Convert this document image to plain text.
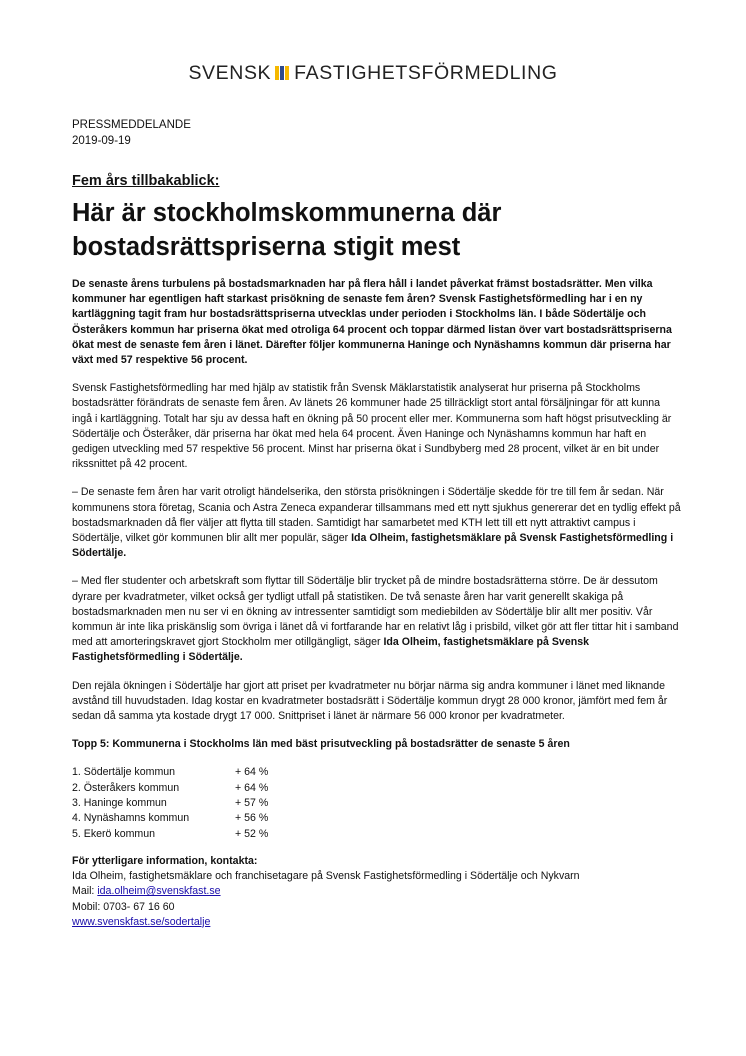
SVENSK FASTIGHETSFÖRMEDLING
PRESSMEDDELANDE
2019-09-19
Fem års tillbakablick:
Här är stockholmskommunerna där bostadsrättspriserna stigit mest

De senaste årens turbulens på bostadsmarknaden har på flera håll i landet påverkat främst bostadsrätter. Men vilka kommuner har egentligen haft starkast prisökning de senaste fem åren? Svensk Fastighetsförmedling har i en ny kartläggning tagit fram hur bostadsrättspriserna utvecklas under perioden i Stockholms län. I både Södertälje och Österåkers kommun har priserna ökat med otroliga 64 procent och toppar därmed listan över vart bostadsrättspriserna ökat mest de senaste fem åren i länet. Därefter följer kommunerna Haninge och Nynäshamns kommun där priserna har växt med 57 respektive 56 procent.

Svensk Fastighetsförmedling har med hjälp av statistik från Svensk Mäklarstatistik analyserat hur priserna på Stockholms bostadsrätter förändrats de senaste fem åren. Av länets 26 kommuner hade 25 tillräckligt stort antal försäljningar för att kunna ingå i kartläggning. Totalt har sju av dessa haft en ökning på 50 procent eller mer. Kommunerna som haft högst prisutveckling är Södertälje och Österåker, där priserna har ökat med hela 64 procent. Även Haninge och Nynäshamns kommun har haft en gedigen utveckling med 57 respektive 56 procent. Minst har priserna ökat i Sundbyberg med 28 procent, vilket är en bit under rikssnittet på 42 procent.

– De senaste fem åren har varit otroligt händelserika, den största prisökningen i Södertälje skedde för tre till fem år sedan. När kommunens stora företag, Scania och Astra Zeneca expanderar tillsammans med ett nytt sjukhus genererar det en tydlig effekt på bostadsmarknaden då fler väljer att flytta till staden. Samtidigt har samarbetet med KTH lett till ett nytt attraktivt campus i Södertälje, vilket gör kommunen blir allt mer populär, säger Ida Olheim, fastighetsmäklare på Svensk Fastighetsförmedling i Södertälje.

– Med fler studenter och arbetskraft som flyttar till Södertälje blir trycket på de mindre bostadsrätterna större. De är dessutom dyrare per kvadratmeter, vilket också ger tydligt utfall på statistiken. De två senaste åren har varit generellt skakiga på bostadsmarknaden men nu ser vi en ökning av intressenter samtidigt som mediebilden av Södertälje blir allt mer positiv. Vår kommun är inte lika priskänslig som övriga i länet då vi fortfarande har en relativt låg i prisbild, vilket gör att fler tittar hit i samband med att amorteringskravet gjort Stockholm mer otillgängligt, säger Ida Olheim, fastighetsmäklare på Svensk Fastighetsförmedling i Södertälje.

Den rejäla ökningen i Södertälje har gjort att priset per kvadratmeter nu börjar närma sig andra kommuner i länet med liknande avstånd till huvudstaden. Idag kostar en kvadratmeter bostadsrätt i Södertälje kommun drygt 28 000 kronor, jämfört med fem år sedan då samma yta kostade drygt 17 000. Snittpriset i länet är närmare 56 000 kronor per kvadratmeter.

Topp 5: Kommunerna i Stockholms län med bäst prisutveckling på bostadsrätter de senaste 5 åren

1. Södertälje kommun	+ 64 %
2. Österåkers kommun	+ 64 %
3. Haninge kommun	+ 57 %
4. Nynäshamns kommun	+ 56 %
5. Ekerö kommun	+ 52 %
För ytterligare information, kontakta:
Ida Olheim, fastighetsmäklare och franchisetagare på Svensk Fastighetsförmedling i Södertälje och Nykvarn
Mail: ida.olheim@svenskfast.se
Mobil: 0703- 67 16 60
www.svenskfast.se/sodertalje
